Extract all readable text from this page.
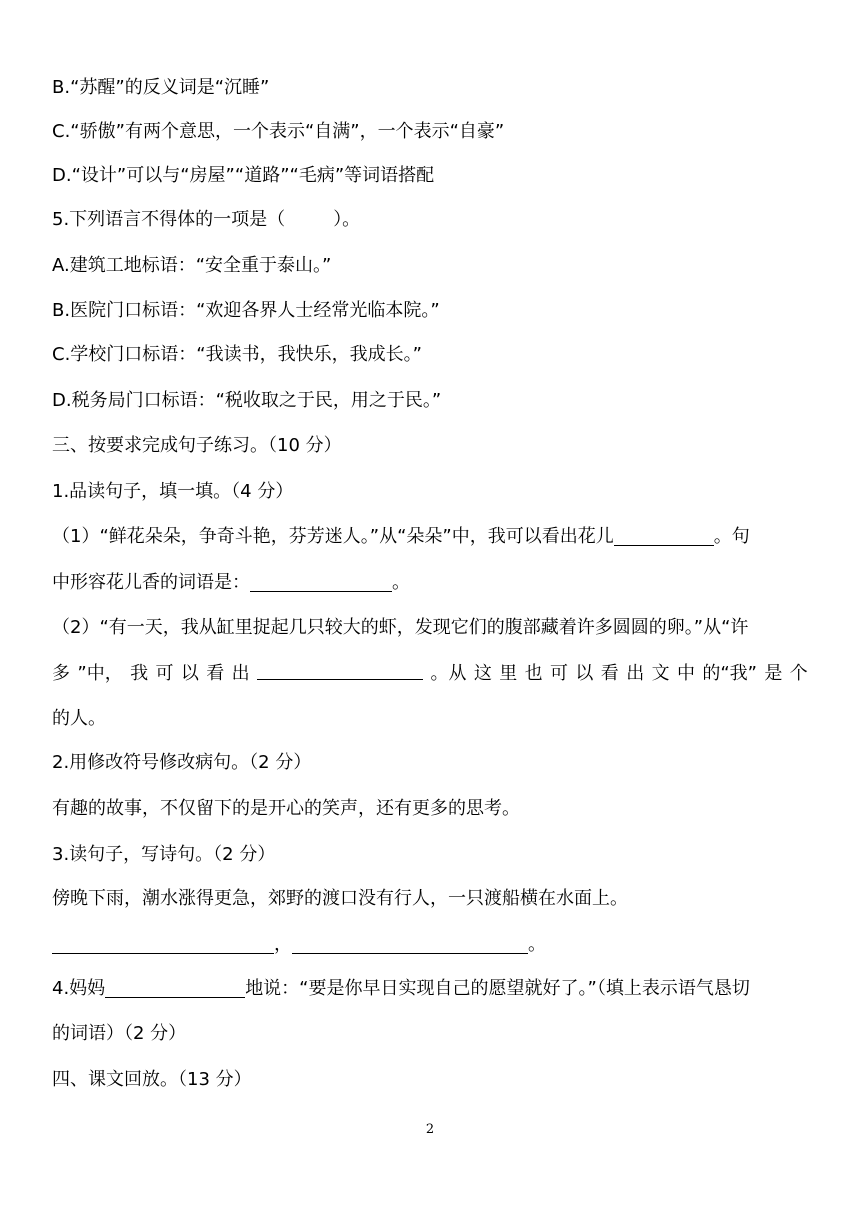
B.“苏醒”的反义词是“沉睡”
C.“骄傲”有两个意思，一个表示“自满”，一个表示“自豪”
D.“设计”可以与“房屋”“道路”“毛病”等词语搭配
5.下列语言不得体的一项是（	）。
A.建筑工地标语：“安全重于泰山。”
B.医院门口标语：“欢迎各界人士经常光临本院。”
C.学校门口标语：“我读书，我快乐，我成长。”
D.税务局门口标语：“税收取之于民，用之于民。”
三、按要求完成句子练习。（10 分）
1.品读句子，填一填。（4 分）
（1）“鲜花朵朵，争奇斗艳，芬芳迷人。”从“朵朵”中，我可以看出花儿	。句
中形容花儿香的词语是：	。
（2）“有一天，我从缸里捉起几只较大的虾，发现它们的腹部藏着许多圆圆的卵。”从“许
多 ”中， 我 可 以 看 出	。从 这 里 也 可 以 看 出 文 中 的“我” 是 个
的人。
2.用修改符号修改病句。（2 分）
有趣的故事，不仅留下的是开心的笑声，还有更多的思考。
3.读句子，写诗句。（2 分）
傍晚下雨，潮水涨得更急，郊野的渡口没有行人，一只渡船横在水面上。
，	。
4.妈妈	地说：“要是你早日实现自己的愿望就好了。”（填上表示语气恳切
的词语）（2 分）
四、课文回放。（13 分）
2
